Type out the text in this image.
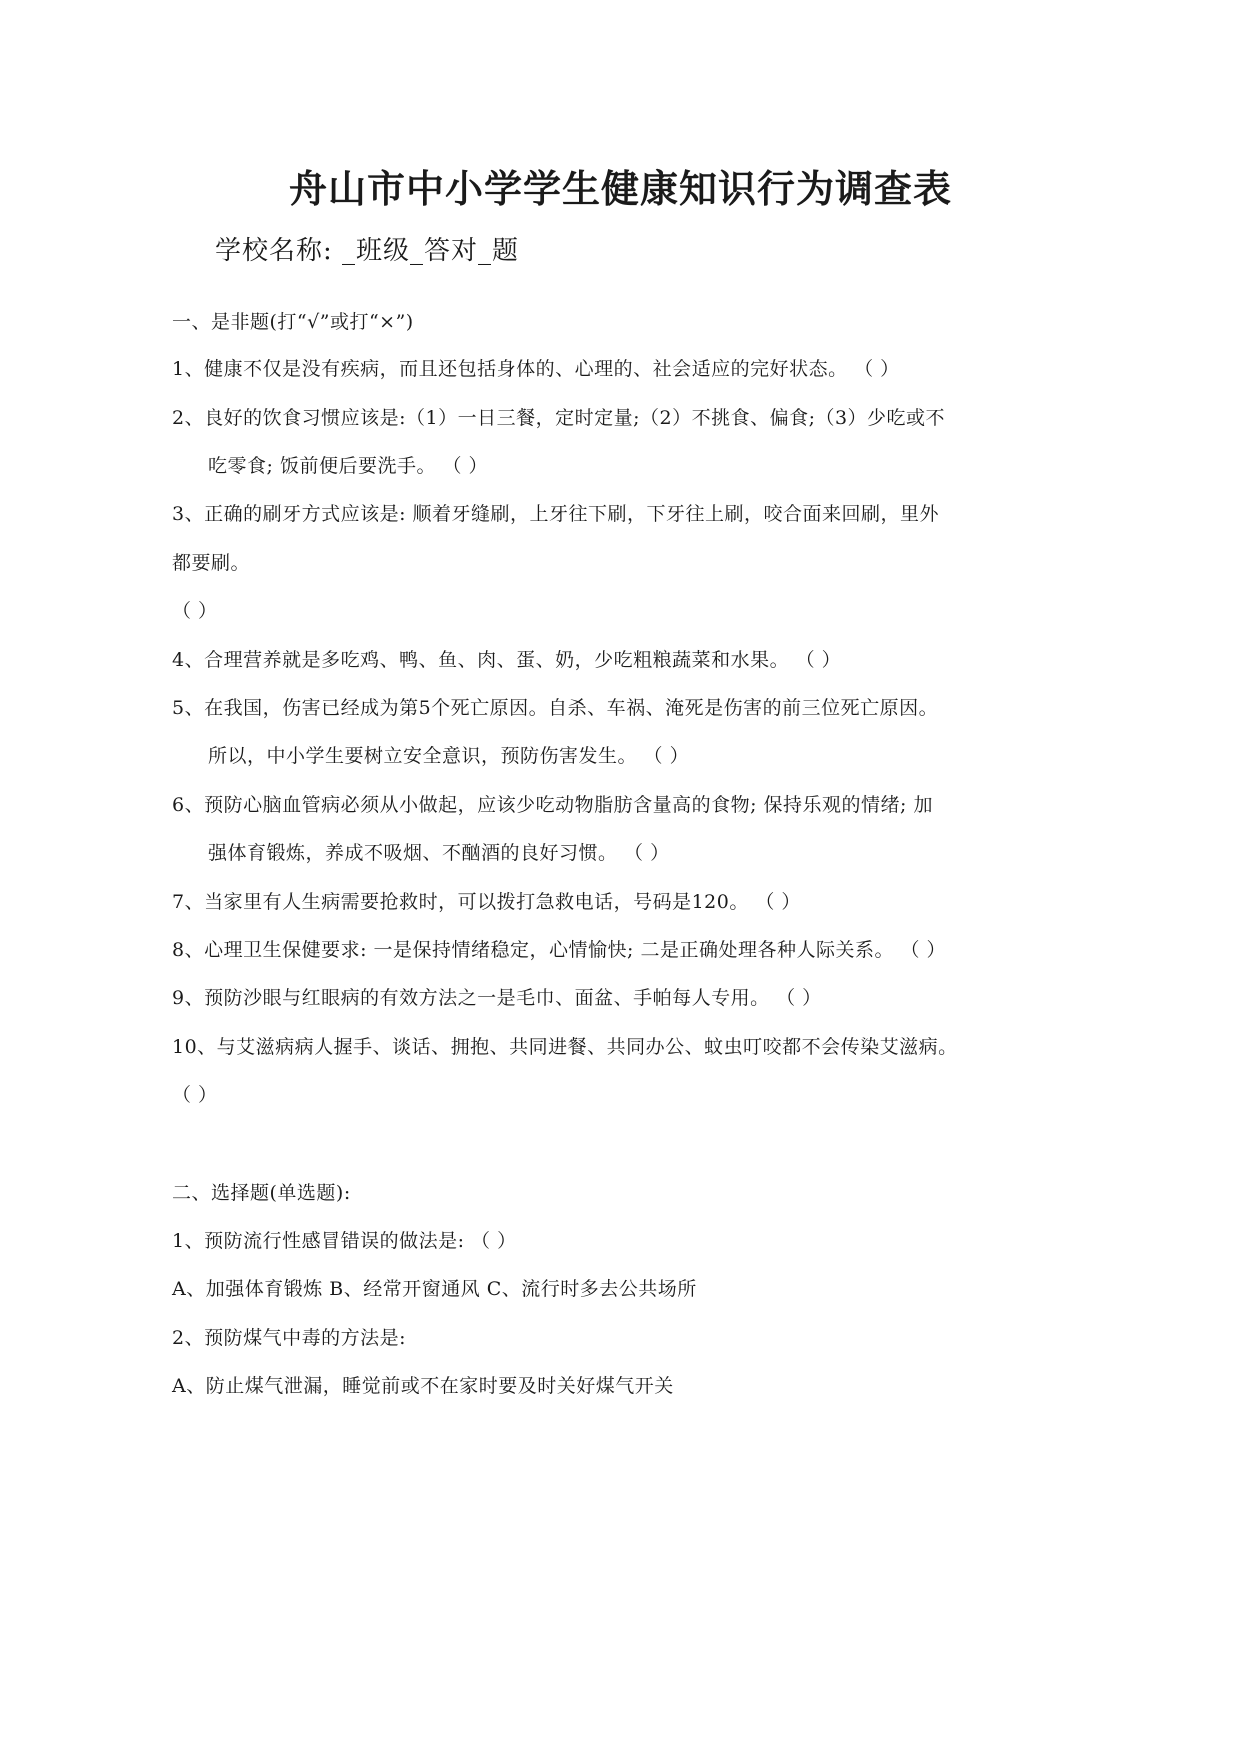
舟山市中小学学生健康知识行为调查表
学校名称: _班级_答对_题
一、是非题(打“√”或打“×”)
1、健康不仅是没有疾病，而且还包括身体的、心理的、社会适应的完好状态。 （ ）
2、良好的饮食习惯应该是:（1）一日三餐，定时定量;（2）不挑食、偏食;（3）少吃或不
吃零食; 饭前便后要洗手。 （ ）
3、正确的刷牙方式应该是: 顺着牙缝刷，上牙往下刷，下牙往上刷，咬合面来回刷，里外
都要刷。
（ ）
4、合理营养就是多吃鸡、鸭、鱼、肉、蛋、奶，少吃粗粮蔬菜和水果。 （ ）
5、在我国，伤害已经成为第5个死亡原因。自杀、车祸、淹死是伤害的前三位死亡原因。
所以，中小学生要树立安全意识，预防伤害发生。 （ ）
6、预防心脑血管病必须从小做起，应该少吃动物脂肪含量高的食物; 保持乐观的情绪; 加
强体育锻炼，养成不吸烟、不酗酒的良好习惯。 （ ）
7、当家里有人生病需要抢救时，可以拨打急救电话，号码是120。 （ ）
8、心理卫生保健要求: 一是保持情绪稳定，心情愉快; 二是正确处理各种人际关系。 （ ）
9、预防沙眼与红眼病的有效方法之一是毛巾、面盆、手帕每人专用。 （ ）
10、与艾滋病病人握手、谈话、拥抱、共同进餐、共同办公、蚊虫叮咬都不会传染艾滋病。
（ ）
二、选择题(单选题):
1、预防流行性感冒错误的做法是: （ ）
A、加强体育锻炼 B、经常开窗通风 C、流行时多去公共场所
2、预防煤气中毒的方法是:
A、防止煤气泄漏，睡觉前或不在家时要及时关好煤气开关
